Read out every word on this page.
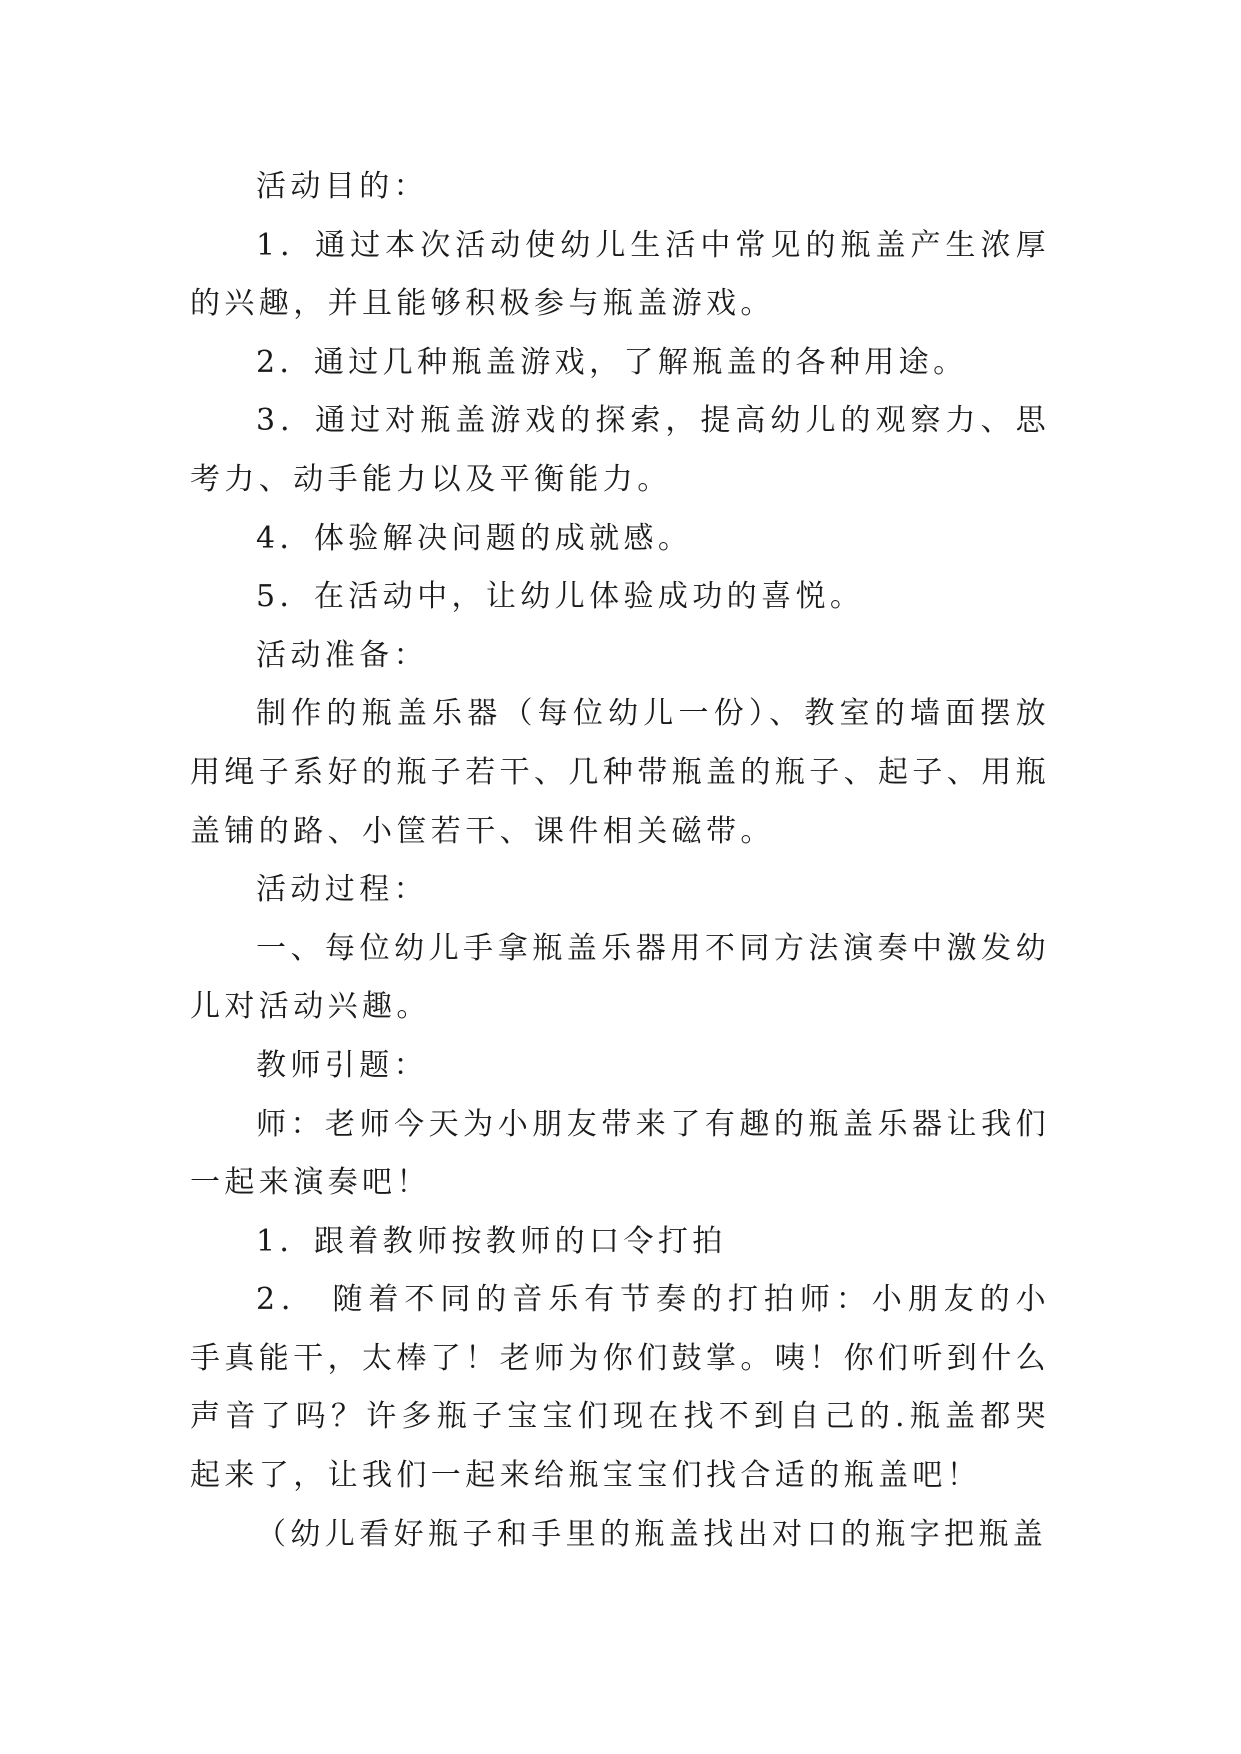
活动目的：

1．通过本次活动使幼儿生活中常见的瓶盖产生浓厚的兴趣，并且能够积极参与瓶盖游戏。

2．通过几种瓶盖游戏，了解瓶盖的各种用途。

3．通过对瓶盖游戏的探索，提高幼儿的观察力、思考力、动手能力以及平衡能力。

4．体验解决问题的成就感。

5．在活动中，让幼儿体验成功的喜悦。

活动准备：

制作的瓶盖乐器（每位幼儿一份）、教室的墙面摆放用绳子系好的瓶子若干、几种带瓶盖的瓶子、起子、用瓶盖铺的路、小筐若干、课件相关磁带。

活动过程：

一、每位幼儿手拿瓶盖乐器用不同方法演奏中激发幼儿对活动兴趣。

教师引题：

师：老师今天为小朋友带来了有趣的瓶盖乐器让我们一起来演奏吧！

1．跟着教师按教师的口令打拍

2． 随着不同的音乐有节奏的打拍师：小朋友的小手真能干，太棒了！老师为你们鼓掌。咦！你们听到什么声音了吗？许多瓶子宝宝们现在找不到自己的.瓶盖都哭起来了，让我们一起来给瓶宝宝们找合适的瓶盖吧！

（幼儿看好瓶子和手里的瓶盖找出对口的瓶字把瓶盖
